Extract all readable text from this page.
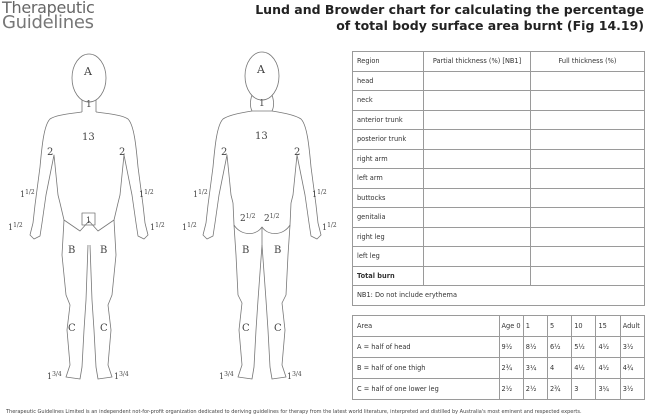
Therapeutic
Guidelines
Lund and Browder chart for calculating the percentage
of total body surface area burnt (Fig 14.19)
A
1
13
2	2
$1^{1/2}$	$1^{1/2}$
$1^{1/2}$	$1^{1/2}$
1
B B
C C
$1^{3/4}$	$1^{3/4}$
A
1
13
2	2
$1^{1/2}$	$1^{1/2}$
$1^{1/2}$	$1^{1/2}$
$2^{1/2}$ $2^{1/2}$
B B
C C
$1^{3/4}$	$1^{3/4}$
Region	Partial thickness (%) [NB1]	Full thickness (%)
head		
neck		
anterior trunk		
posterior trunk		
right arm		
left arm		
buttocks		
genitalia		
right leg		
left leg		
Total burn		
NB1: Do not include erythema		
Area	Age 0	1	5	10	15	Adult
A = half of head	9½	8½	6½	5½	4½	3½
B = half of one thigh	2¾	3¼	4	4½	4½	4¾
C = half of one lower leg	2½	2½	2¾	3	3¼	3½
Therapeutic Guidelines Limited is an independent not-for-profit organization dedicated to deriving guidelines for therapy from the latest world literature, interpreted and distilled by Australia's most eminent and respected experts.
